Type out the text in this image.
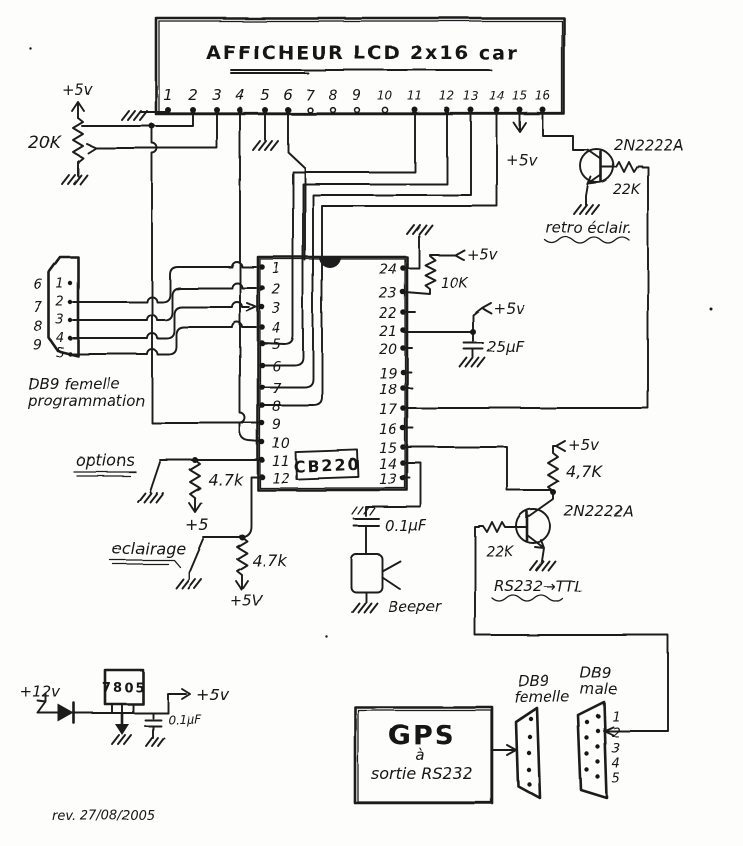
AFFICHEUR LCD 2x16 car
1 2 3 4 5 6 7 8 9 10 11 12 13 14 15 16
+5v
20K
+5v
2N2222A
22K
retro éclair.
1
2
3
4
5
6
7
8
9
DB9 femelle
programmation
1
2
3
4
5
6
7
8
9
10
11
12
24
23
22
21
20
19
18
17
16
15
14
13
CB220
+5v
10K
+5v
25µF
+5v
4,7K
2N2222A
22K
RS232→TTL
options
4.7k
+5
eclairage
4.7k
+5V
0.1µF
Beeper
+12v	7805
0.1µF
+5v
GPS
à
sortie RS232
DB9
femelle
DB9
male
1
2
3
4
5
rev. 27/08/2005
